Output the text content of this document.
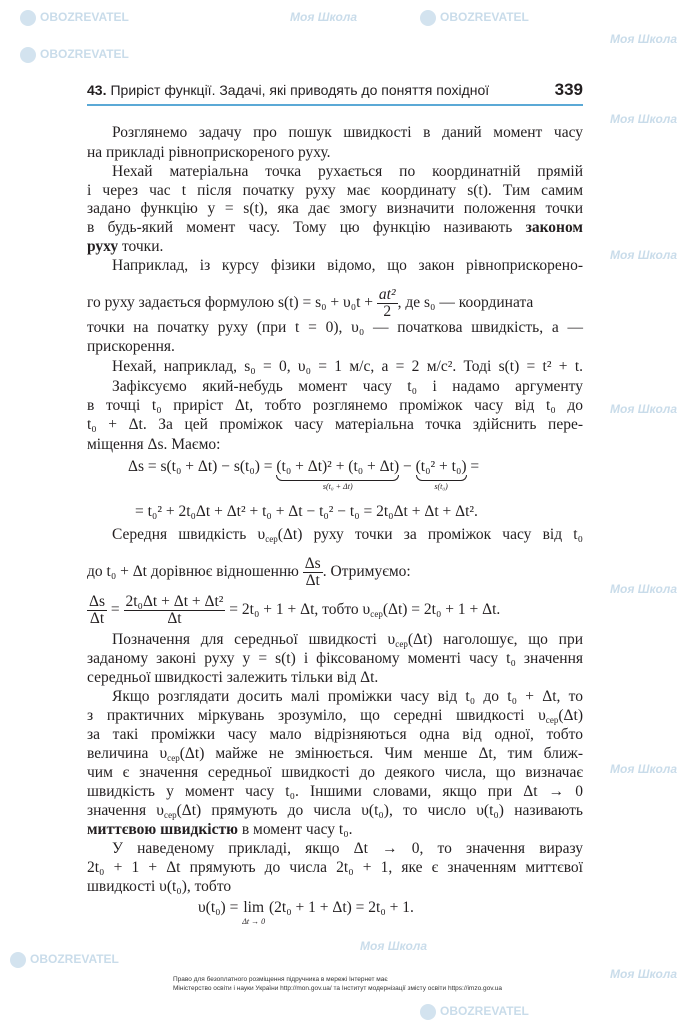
OBOZREVATEL	Моя Школа	OBOZREVATEL
Моя Школа
OBOZREVATEL
Моя Школа
Моя Школа
Моя Школа
Моя Школа
Моя Школа
Моя Школа
OBOZREVATEL
Моя Школа
OBOZREVATEL
43. Приріст функції. Задачі, які приводять до поняття похідної	339
Розглянемо задачу про пошук швидкості в даний момент часу
на прикладі рівноприскореного руху.
Нехай матеріальна точка рухається по координатній прямій
і через час t після початку руху має координату s(t). Тим самим
задано функцію y = s(t), яка дає змогу визначити положення точки
в будь-який момент часу. Тому цю функцію називають законом
руху точки.
Наприклад, із курсу фізики відомо, що закон рівноприскорено-
го руху задається формулою $s(t) = s_0 + \upsilon_0t + \frac{\text{at²}}{2}$ , де s₀ — координата
точки на початку руху (при t = 0), υ₀ — початкова швидкість, a —
прискорення.
Нехай, наприклад, s₀ = 0, υ₀ = 1 м/с, a = 2 м/с². Тоді s(t) = t² + t.
Зафіксуємо який-небудь момент часу t₀ і надамо аргументу
в точці t₀ приріст Δt, тобто розглянемо проміжок часу від t₀ до
t₀ + Δt. За цей проміжок часу матеріальна точка здійснить пере-
міщення Δs. Маємо:
Δs = s(t₀ + Δt) − s(t₀) = (t₀ + Δt)² + (t₀ + Δt)
s(t₀ + Δt)
− (t₀² + t₀)
s(t₀)
=
= t₀² + 2t₀Δt + Δt² + t₀ + Δt − t₀² − t₀ = 2t₀Δt + Δt + Δt².
Середня швидкість $\upsilon_{сер}(\Delta t)$ руху точки за проміжок часу від t₀
до t₀ + Δt дорівнює відношенню $\frac{\Delta s}{\Delta t}$ . Отримуємо:
$\frac{\Delta s}{\Delta t} = \frac{\text{2t₀Δt + Δt + Δt²}}{\Delta t} = 2t_0 + 1 + \Delta t$, тобто $\upsilon_{сер}(\Delta t) = 2t_0 + 1 + \Delta t$.
Позначення для середньої швидкості $\upsilon_{сер}(\Delta t)$ наголошує, що при
заданому законі руху y = s(t) і фіксованому моменті часу t₀ значення
середньої швидкості залежить тільки від Δt.
Якщо розглядати досить малі проміжки часу від t₀ до t₀ + Δt, то
з практичних міркувань зрозуміло, що середні швидкості $\upsilon_{сер}(\Delta t)$
за такі проміжки часу мало відрізняються одна від одної, тобто
величина $\upsilon_{сер}(\Delta t)$ майже не змінюється. Чим менше Δt, тим ближ-
чим є значення середньої швидкості до деякого числа, що визначає
швидкість у момент часу t₀. Іншими словами, якщо при Δt → 0
значення $\upsilon_{сер}(\Delta t)$ прямують до числа υ(t₀), то число υ(t₀) називають
миттєвою швидкістю в момент часу t₀.
У наведеному прикладі, якщо Δt → 0, то значення виразу
2t₀ + 1 + Δt прямують до числа 2t₀ + 1, яке є значенням миттєвої
швидкості υ(t₀), тобто
υ(t₀) = lim
Δt → 0
(2t₀ + 1 + Δt) = 2t₀ + 1.
Право для безоплатного розміщення підручника в мережі Інтернет має
Міністерство освіти і науки України http://mon.gov.ua/ та Інститут модернізації змісту освіти https://imzo.gov.ua
